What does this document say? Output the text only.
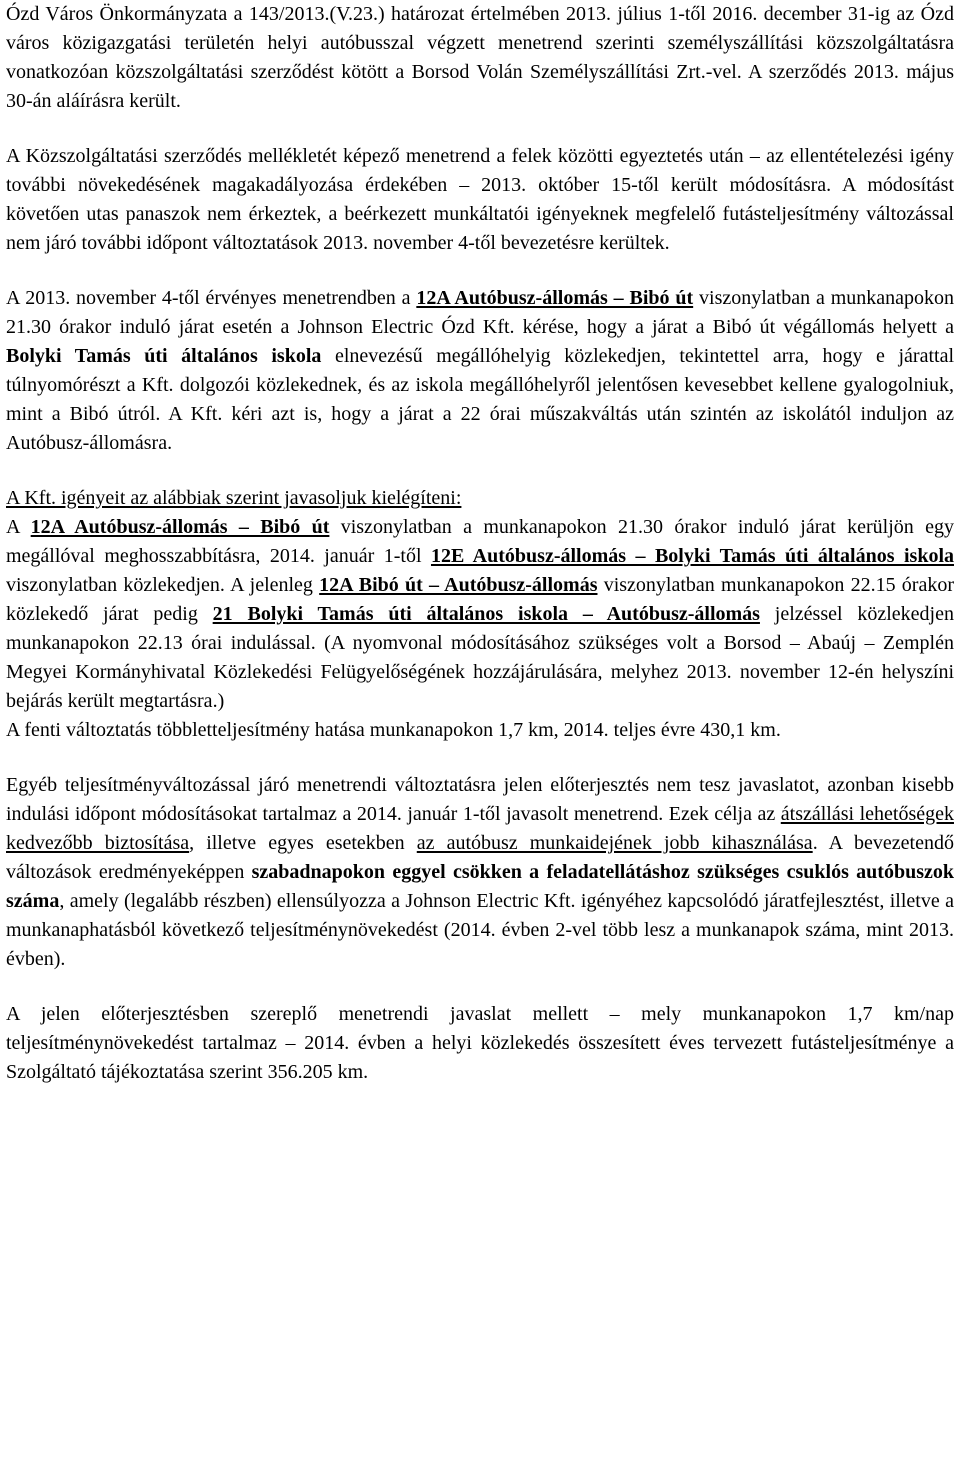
Ózd Város Önkormányzata a 143/2013.(V.23.) határozat értelmében 2013. július 1-től 2016. december 31-ig az Ózd város közigazgatási területén helyi autóbusszal végzett menetrend szerinti személyszállítási közszolgáltatásra vonatkozóan közszolgáltatási szerződést kötött a Borsod Volán Személyszállítási Zrt.-vel. A szerződés 2013. május 30-án aláírásra került.

A Közszolgáltatási szerződés mellékletét képező menetrend a felek közötti egyeztetés után – az ellentételezési igény további növekedésének magakadályozása érdekében – 2013. október 15-től került módosításra. A módosítást követően utas panaszok nem érkeztek, a beérkezett munkáltatói igényeknek megfelelő futásteljesítmény változással nem járó további időpont változtatások 2013. november 4-től bevezetésre kerültek.

A 2013. november 4-től érvényes menetrendben a 12A Autóbusz-állomás – Bibó út viszonylatban a munkanapokon 21.30 órakor induló járat esetén a Johnson Electric Ózd Kft. kérése, hogy a járat a Bibó út végállomás helyett a Bolyki Tamás úti általános iskola elnevezésű megállóhelyig közlekedjen, tekintettel arra, hogy e járattal túlnyomórészt a Kft. dolgozói közlekednek, és az iskola megállóhelyről jelentősen kevesebbet kellene gyalogolniuk, mint a Bibó útról. A Kft. kéri azt is, hogy a járat a 22 órai műszakváltás után szintén az iskolától induljon az Autóbusz-állomásra.

A Kft. igényeit az alábbiak szerint javasoljuk kielégíteni:

A 12A Autóbusz-állomás – Bibó út viszonylatban a munkanapokon 21.30 órakor induló járat kerüljön egy megállóval meghosszabbításra, 2014. január 1-től 12E Autóbusz-állomás – Bolyki Tamás úti általános iskola viszonylatban közlekedjen. A jelenleg 12A Bibó út – Autóbusz-állomás viszonylatban munkanapokon 22.15 órakor közlekedő járat pedig 21 Bolyki Tamás úti általános iskola – Autóbusz-állomás jelzéssel közlekedjen munkanapokon 22.13 órai indulással. (A nyomvonal módosításához szükséges volt a Borsod – Abaúj – Zemplén Megyei Kormányhivatal Közlekedési Felügyelőségének hozzájárulására, melyhez 2013. november 12-én helyszíni bejárás került megtartásra.)

A fenti változtatás többletteljesítmény hatása munkanapokon 1,7 km, 2014. teljes évre 430,1 km.

Egyéb teljesítményváltozással járó menetrendi változtatásra jelen előterjesztés nem tesz javaslatot, azonban kisebb indulási időpont módosításokat tartalmaz a 2014. január 1-től javasolt menetrend. Ezek célja az átszállási lehetőségek kedvezőbb biztosítása, illetve egyes esetekben az autóbusz munkaidejének jobb kihasználása. A bevezetendő változások eredményeképpen szabadnapokon eggyel csökken a feladatellátáshoz szükséges csuklós autóbuszok száma, amely (legalább részben) ellensúlyozza a Johnson Electric Kft. igényéhez kapcsolódó járatfejlesztést, illetve a munkanaphatásból következő teljesítménynövekedést (2014. évben 2-vel több lesz a munkanapok száma, mint 2013. évben).

A jelen előterjesztésben szereplő menetrendi javaslat mellett – mely munkanapokon 1,7 km/nap teljesítménynövekedést tartalmaz – 2014. évben a helyi közlekedés összesített éves tervezett futásteljesítménye a Szolgáltató tájékoztatása szerint 356.205 km.
